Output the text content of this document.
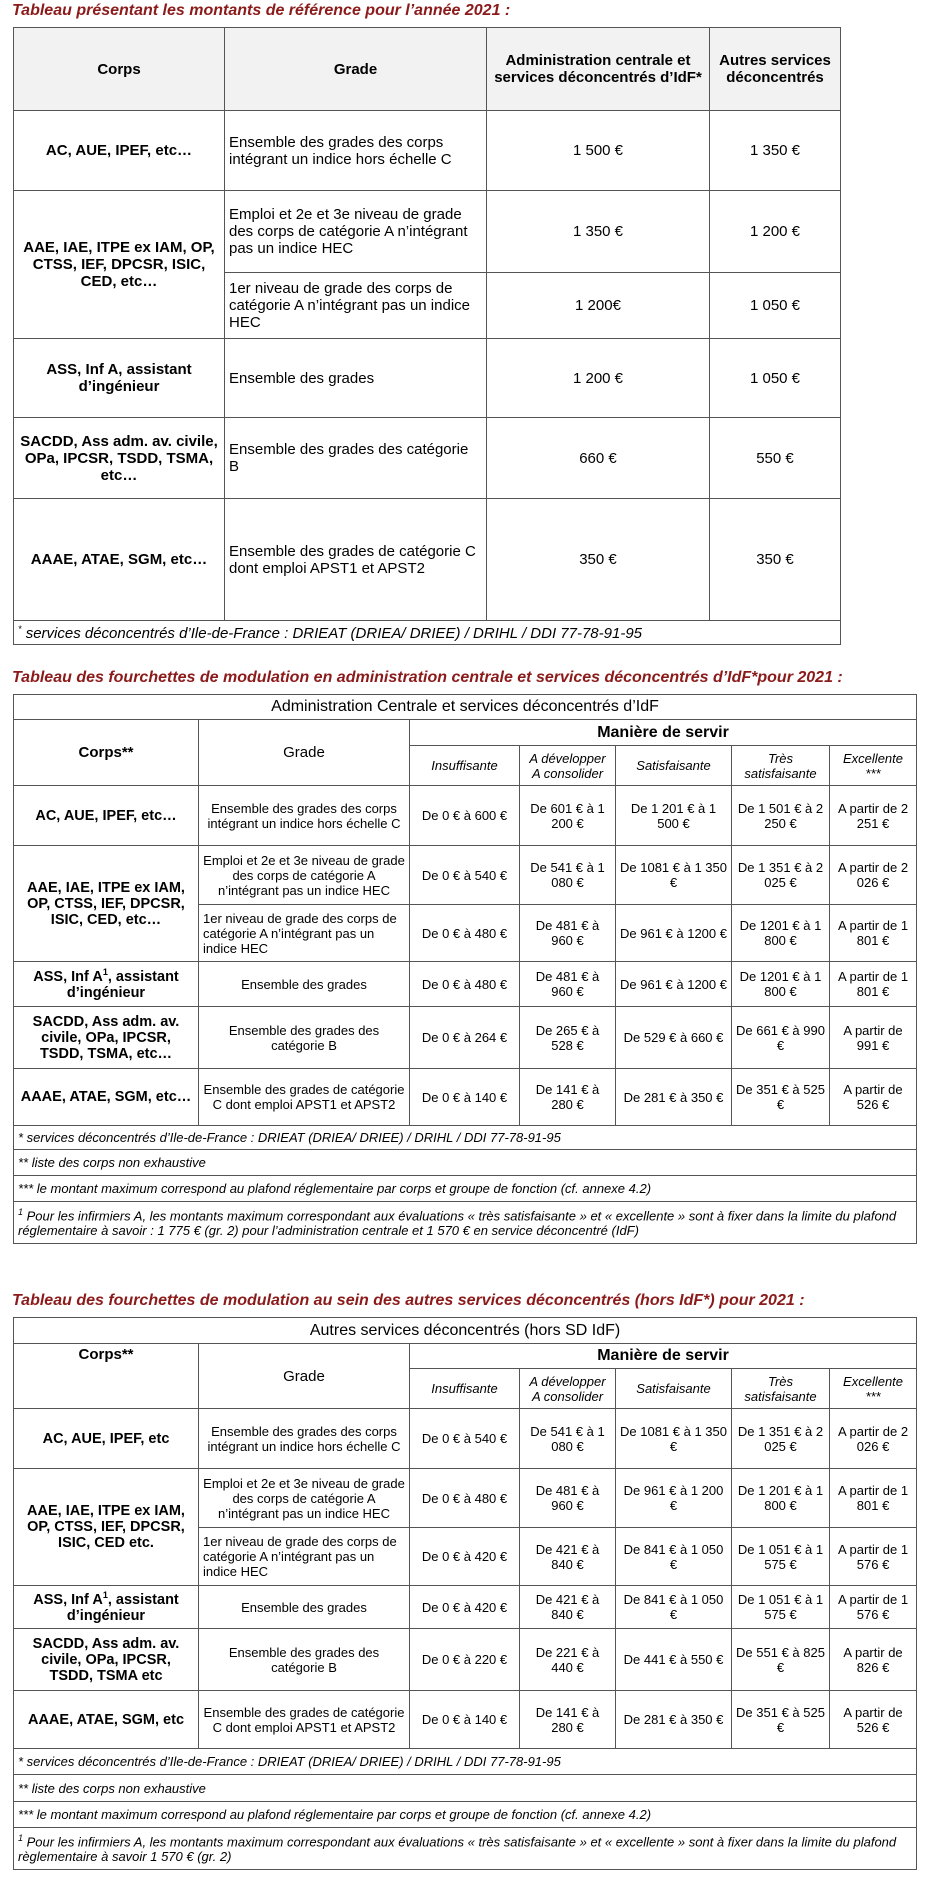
Tableau présentant les montants de référence pour l’année 2021 :
Corps	Grade	Administration centrale et services déconcentrés d’IdF*	Autres services déconcentrés
AC, AUE, IPEF, etc…	Ensemble des grades des corps intégrant un indice hors échelle C	1 500 €	1 350 €
AAE, IAE, ITPE ex IAM, OP, CTSS, IEF, DPCSR, ISIC, CED, etc…	Emploi et 2e et 3e niveau de grade des corps de catégorie A n’intégrant pas un indice HEC	1 350 €	1 200 €
	1er niveau de grade des corps de catégorie A n’intégrant pas un indice HEC	1 200€	1 050 €
ASS, Inf A, assistant d’ingénieur	Ensemble des grades	1 200 €	1 050 €
SACDD, Ass adm. av. civile, OPa, IPCSR, TSDD, TSMA, etc…	Ensemble des grades des catégorie B	660 €	550 €
AAAE, ATAE, SGM, etc…	Ensemble des grades de catégorie C dont emploi APST1 et APST2	350 €	350 €
* services déconcentrés d’Ile-de-France : DRIEAT (DRIEA/ DRIEE) / DRIHL / DDI 77-78-91-95			
Tableau des fourchettes de modulation en administration centrale et services déconcentrés d’IdF*pour 2021 :
Administration Centrale et services déconcentrés d’IdF						
Corps**	Grade	Manière de servir				
		Insuffisante	A développer A consolider	Satisfaisante	Très satisfaisante	Excellente ***
AC, AUE, IPEF, etc…	Ensemble des grades des corps intégrant un indice hors échelle C	De 0 € à 600 €	De 601 € à 1 200 €	De 1 201 € à 1 500 €	De 1 501 € à 2 250 €	A partir de 2 251 €
AAE, IAE, ITPE ex IAM, OP, CTSS, IEF, DPCSR, ISIC, CED, etc…	Emploi et 2e et 3e niveau de grade des corps de catégorie A n’intégrant pas un indice HEC	De 0 € à 540 €	De 541 € à 1 080 €	De 1081 € à 1 350 €	De 1 351 € à 2 025 €	A partir de 2 026 €
	1er niveau de grade des corps de catégorie A n’intégrant pas un indice HEC	De 0 € à 480 €	De 481 € à 960 €	De 961 € à 1200 €	De 1201 € à 1 800 €	A partir de 1 801 €
ASS, Inf $A^1$, assistant d’ingénieur	Ensemble des grades	De 0 € à 480 €	De 481 € à 960 €	De 961 € à 1200 €	De 1201 € à 1 800 €	A partir de 1 801 €
SACDD, Ass adm. av. civile, OPa, IPCSR, TSDD, TSMA, etc…	Ensemble des grades des catégorie B	De 0 € à 264 €	De 265 € à 528 €	De 529 € à 660 €	De 661 € à 990 €	A partir de 991 €
AAAE, ATAE, SGM, etc…	Ensemble des grades de catégorie C dont emploi APST1 et APST2	De 0 € à 140 €	De 141 € à 280 €	De 281 € à 350 €	De 351 € à 525 €	A partir de 526 €
* services déconcentrés d’Ile-de-France : DRIEAT (DRIEA/ DRIEE) / DRIHL / DDI 77-78-91-95						
** liste des corps non exhaustive						
*** le montant maximum correspond au plafond réglementaire par corps et groupe de fonction (cf. annexe 4.2)						
$^1$ Pour les infirmiers A, les montants maximum correspondant aux évaluations « très satisfaisante » et « excellente » sont à fixer dans la limite du plafond réglementaire à savoir : 1 775 € (gr. 2) pour l’administration centrale et 1 570 € en service déconcentré (IdF)						
Tableau des fourchettes de modulation au sein des autres services déconcentrés (hors IdF*) pour 2021 :
Autres services déconcentrés (hors SD IdF)						
Corps**	Grade	Manière de servir				
		Insuffisante	A développer A consolider	Satisfaisante	Très satisfaisante	Excellente ***
AC, AUE, IPEF, etc	Ensemble des grades des corps intégrant un indice hors échelle C	De 0 € à 540 €	De 541 € à 1 080 €	De 1081 € à 1 350 €	De 1 351 € à 2 025 €	A partir de 2 026 €
AAE, IAE, ITPE ex IAM, OP, CTSS, IEF, DPCSR, ISIC, CED etc.	Emploi et 2e et 3e niveau de grade des corps de catégorie A n’intégrant pas un indice HEC	De 0 € à 480 €	De 481 € à 960 €	De 961 € à 1 200 €	De 1 201 € à 1 800 €	A partir de 1 801 €
	1er niveau de grade des corps de catégorie A n’intégrant pas un indice HEC	De 0 € à 420 €	De 421 € à 840 €	De 841 € à 1 050 €	De 1 051 € à 1 575 €	A partir de 1 576 €
ASS, Inf $A^1$, assistant d’ingénieur	Ensemble des grades	De 0 € à 420 €	De 421 € à 840 €	De 841 € à 1 050 €	De 1 051 € à 1 575 €	A partir de 1 576 €
SACDD, Ass adm. av. civile, OPa, IPCSR, TSDD, TSMA etc	Ensemble des grades des catégorie B	De 0 € à 220 €	De 221 € à 440 €	De 441 € à 550 €	De 551 € à 825 €	A partir de 826 €
AAAE, ATAE, SGM, etc	Ensemble des grades de catégorie C dont emploi APST1 et APST2	De 0 € à 140 €	De 141 € à 280 €	De 281 € à 350 €	De 351 € à 525 €	A partir de 526 €
* services déconcentrés d’Ile-de-France : DRIEAT (DRIEA/ DRIEE) / DRIHL / DDI 77-78-91-95						
** liste des corps non exhaustive						
*** le montant maximum correspond au plafond réglementaire par corps et groupe de fonction (cf. annexe 4.2)						
$^1$ Pour les infirmiers A, les montants maximum correspondant aux évaluations « très satisfaisante » et « excellente » sont à fixer dans la limite du plafond règlementaire à savoir 1 570 € (gr. 2)						
